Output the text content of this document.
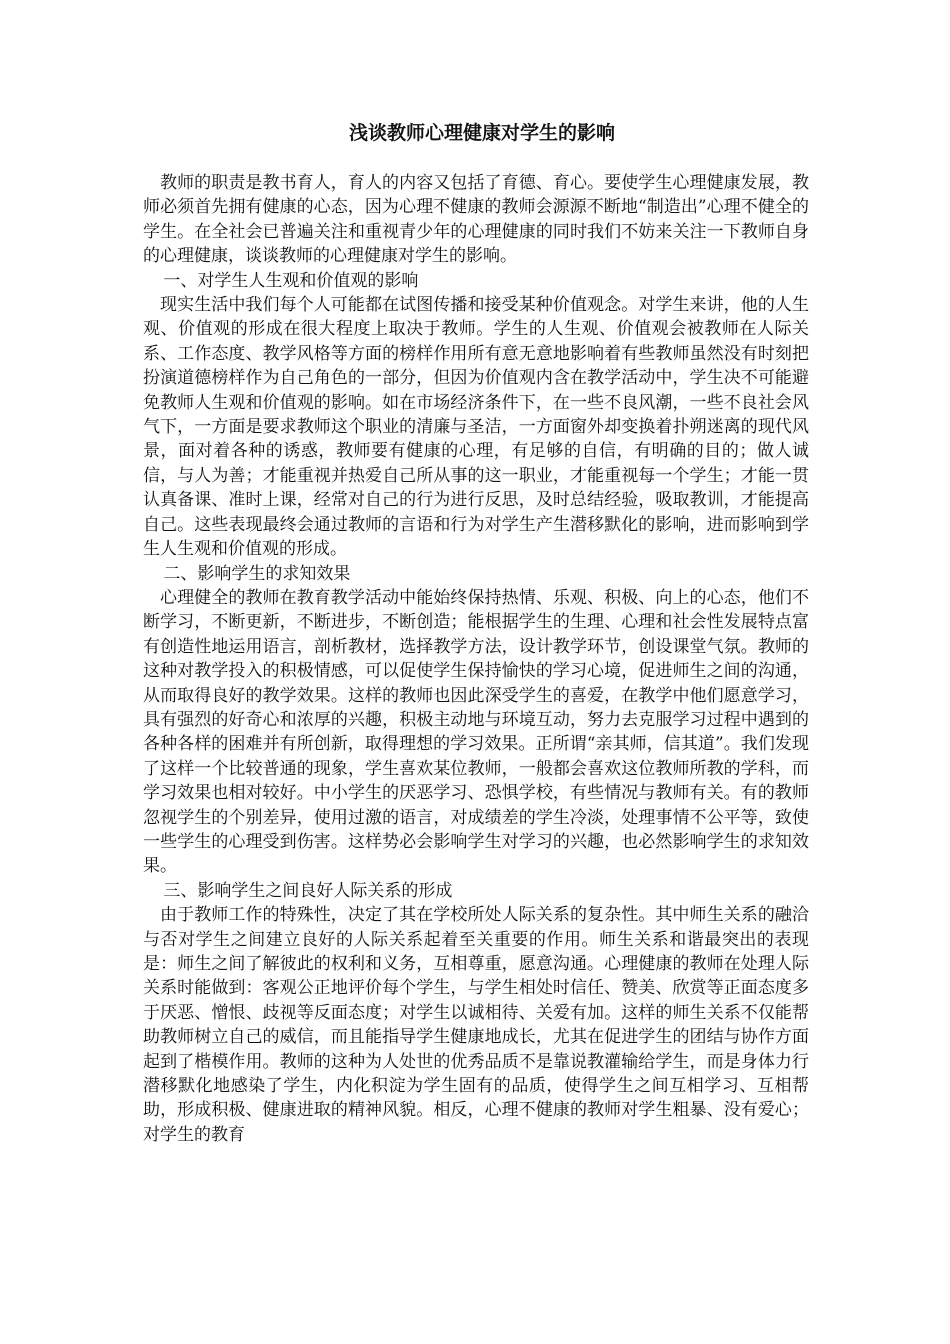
浅谈教师心理健康对学生的影响

教师的职责是教书育人，育人的内容又包括了育德、育心。要使学生心理健康发展，教师必须首先拥有健康的心态，因为心理不健康的教师会源源不断地“制造出”心理不健全的学生。在全社会已普遍关注和重视青少年的心理健康的同时我们不妨来关注一下教师自身的心理健康，谈谈教师的心理健康对学生的影响。

一、对学生人生观和价值观的影响

现实生活中我们每个人可能都在试图传播和接受某种价值观念。对学生来讲，他的人生观、价值观的形成在很大程度上取决于教师。学生的人生观、价值观会被教师在人际关系、工作态度、教学风格等方面的榜样作用所有意无意地影响着有些教师虽然没有时刻把扮演道德榜样作为自己角色的一部分，但因为价值观内含在教学活动中，学生决不可能避免教师人生观和价值观的影响。如在市场经济条件下，在一些不良风潮，一些不良社会风气下，一方面是要求教师这个职业的清廉与圣洁，一方面窗外却变换着扑朔迷离的现代风景，面对着各种的诱惑，教师要有健康的心理，有足够的自信，有明确的目的；做人诚信，与人为善；才能重视并热爱自己所从事的这一职业，才能重视每一个学生；才能一贯认真备课、准时上课，经常对自己的行为进行反思，及时总结经验，吸取教训，才能提高自己。这些表现最终会通过教师的言语和行为对学生产生潜移默化的影响，进而影响到学生人生观和价值观的形成。

二、影响学生的求知效果

心理健全的教师在教育教学活动中能始终保持热情、乐观、积极、向上的心态，他们不断学习，不断更新，不断进步，不断创造；能根据学生的生理、心理和社会性发展特点富有创造性地运用语言，剖析教材，选择教学方法，设计教学环节，创设课堂气氛。教师的这种对教学投入的积极情感，可以促使学生保持愉快的学习心境，促进师生之间的沟通，从而取得良好的教学效果。这样的教师也因此深受学生的喜爱，在教学中他们愿意学习，具有强烈的好奇心和浓厚的兴趣，积极主动地与环境互动，努力去克服学习过程中遇到的各种各样的困难并有所创新，取得理想的学习效果。正所谓“亲其师，信其道”。我们发现了这样一个比较普通的现象，学生喜欢某位教师，一般都会喜欢这位教师所教的学科，而学习效果也相对较好。中小学生的厌恶学习、恐惧学校，有些情况与教师有关。有的教师忽视学生的个别差异，使用过激的语言，对成绩差的学生冷淡，处理事情不公平等，致使一些学生的心理受到伤害。这样势必会影响学生对学习的兴趣，也必然影响学生的求知效果。

三、影响学生之间良好人际关系的形成

由于教师工作的特殊性，决定了其在学校所处人际关系的复杂性。其中师生关系的融洽与否对学生之间建立良好的人际关系起着至关重要的作用。师生关系和谐最突出的表现是：师生之间了解彼此的权利和义务，互相尊重，愿意沟通。心理健康的教师在处理人际关系时能做到：客观公正地评价每个学生，与学生相处时信任、赞美、欣赏等正面态度多于厌恶、憎恨、歧视等反面态度；对学生以诚相待、关爱有加。这样的师生关系不仅能帮助教师树立自己的威信，而且能指导学生健康地成长，尤其在促进学生的团结与协作方面起到了楷模作用。教师的这种为人处世的优秀品质不是靠说教灌输给学生，而是身体力行潜移默化地感染了学生，内化积淀为学生固有的品质，使得学生之间互相学习、互相帮助，形成积极、健康进取的精神风貌。相反，心理不健康的教师对学生粗暴、没有爱心；对学生的教育
